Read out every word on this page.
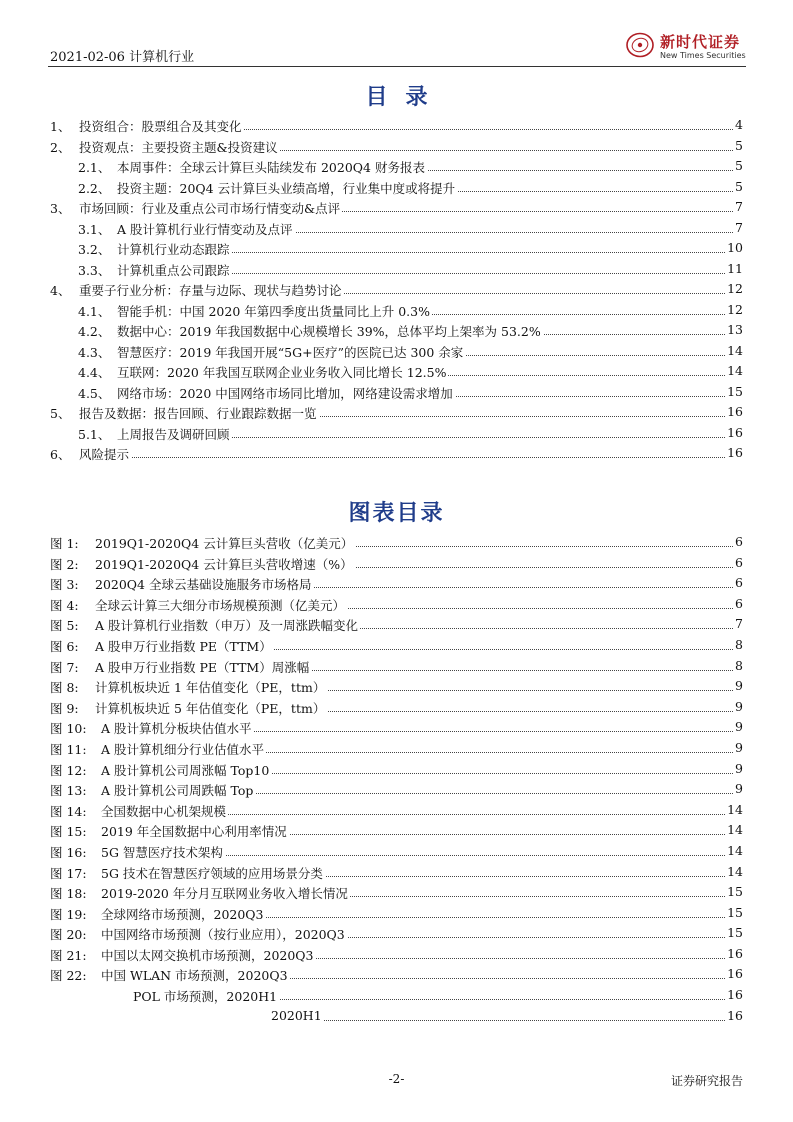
2021-02-06 计算机行业
新时代证券
New Times Securities
目录
1、 投资组合：股票组合及其变化	4
2、 投资观点：主要投资主题&投资建议	5
2.1、 本周事件：全球云计算巨头陆续发布 2020Q4 财务报表	5
2.2、 投资主题：20Q4 云计算巨头业绩高增，行业集中度或将提升	5
3、 市场回顾：行业及重点公司市场行情变动&点评	7
3.1、 A 股计算机行业行情变动及点评	7
3.2、 计算机行业动态跟踪	10
3.3、 计算机重点公司跟踪	11
4、 重要子行业分析：存量与边际、现状与趋势讨论	12
4.1、 智能手机：中国 2020 年第四季度出货量同比上升 0.3%	12
4.2、 数据中心：2019 年我国数据中心规模增长 39%，总体平均上架率为 53.2%	13
4.3、 智慧医疗：2019 年我国开展“5G+医疗”的医院已达 300 余家	14
4.4、 互联网：2020 年我国互联网企业业务收入同比增长 12.5%	14
4.5、 网络市场：2020 中国网络市场同比增加，网络建设需求增加	15
5、 报告及数据：报告回顾、行业跟踪数据一览	16
5.1、 上周报告及调研回顾	16
6、 风险提示	16
图表目录
图 1: 2019Q1-2020Q4 云计算巨头营收（亿美元）	6
图 2: 2019Q1-2020Q4 云计算巨头营收增速（%）	6
图 3: 2020Q4 全球云基础设施服务市场格局	6
图 4: 全球云计算三大细分市场规模预测（亿美元）	6
图 5: A 股计算机行业指数（申万）及一周涨跌幅变化	7
图 6: A 股申万行业指数 PE（TTM）	8
图 7: A 股申万行业指数 PE（TTM）周涨幅	8
图 8: 计算机板块近 1 年估值变化（PE，ttm）	9
图 9: 计算机板块近 5 年估值变化（PE，ttm）	9
图 10: A 股计算机分板块估值水平	9
图 11: A 股计算机细分行业估值水平	9
图 12: A 股计算机公司周涨幅 Top10	9
图 13: A 股计算机公司周跌幅 Top	9
图 14: 全国数据中心机架规模	14
图 15: 2019 年全国数据中心利用率情况	14
图 16: 5G 智慧医疗技术架构	14
图 17: 5G 技术在智慧医疗领域的应用场景分类	14
图 18: 2019-2020 年分月互联网业务收入增长情况	15
图 19: 全球网络市场预测，2020Q3	15
图 20: 中国网络市场预测（按行业应用），2020Q3	15
图 21: 中国以太网交换机市场预测，2020Q3	16
图 22: 中国 WLAN 市场预测，2020Q3	16
POL 市场预测，2020H1	16
2020H1	16
-2-	证券研究报告
